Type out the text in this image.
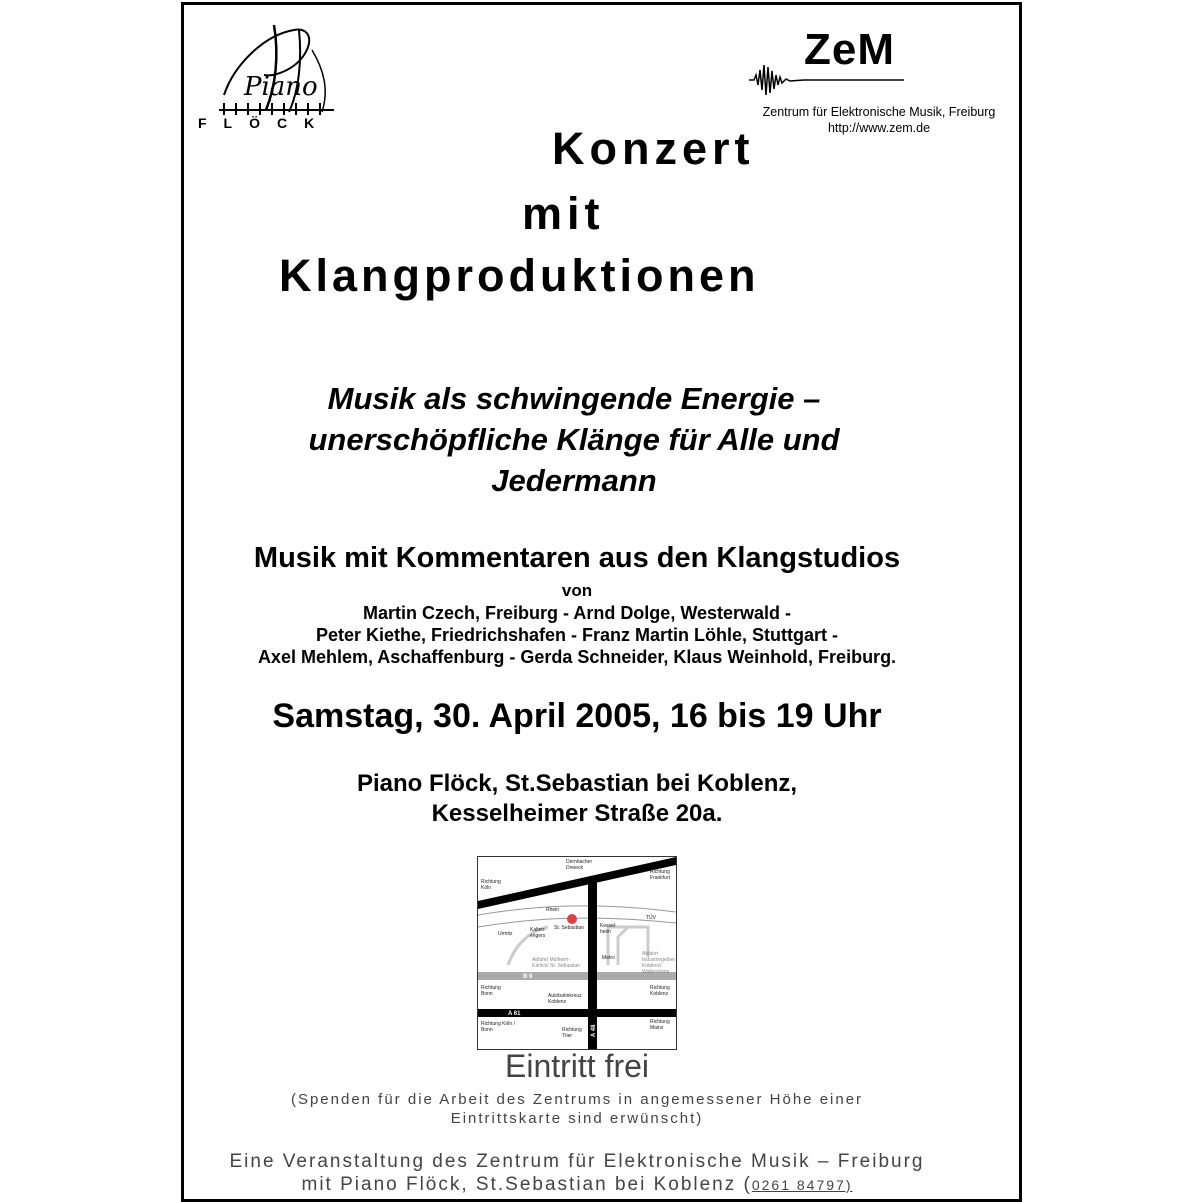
Piano
FLÖCK
ZeM
Zentrum für Elektronische Musik, Freiburg
http://www.zem.de
Konzert
mit
Klangproduktionen
Musik als schwingende Energie –
unerschöpfliche Klänge für Alle und
Jedermann
Musik mit Kommentaren aus den Klangstudios
von
Martin Czech, Freiburg - Arnd Dolge, Westerwald -
Peter Kiethe, Friedrichshafen - Franz Martin Löhle, Stuttgart -
Axel Mehlem, Aschaffenburg - Gerda Schneider, Klaus Weinhold, Freiburg.
Samstag, 30. April 2005, 16 bis 19 Uhr
Piano Flöck, St.Sebastian bei Koblenz,
Kesselheimer Straße 20a.
A 3
B 9
A 61
A 48
Dernbacher Dreieck
Richtung Köln
Richtung Frankfurt
Rhein
Urmitz
Kalten- engers
St. Sebastian	Kessel- heim
TÜV
Abfahrt Mülheim-Kärlich/ St. Sebastian
Metro
Abfahrt Industriegebiet Koblenz/ Wallersheim
Richtung Bonn	Autobahnkreuz Koblenz
Richtung Koblenz
Richtung Köln / Bonn	Richtung Trier
Richtung Mainz
Eintritt frei
(Spenden für die Arbeit des Zentrums in angemessener Höhe einer
Eintrittskarte sind erwünscht)
Eine Veranstaltung des Zentrum für Elektronische Musik – Freiburg
mit Piano Flöck, St.Sebastian bei Koblenz (0261 84797)
